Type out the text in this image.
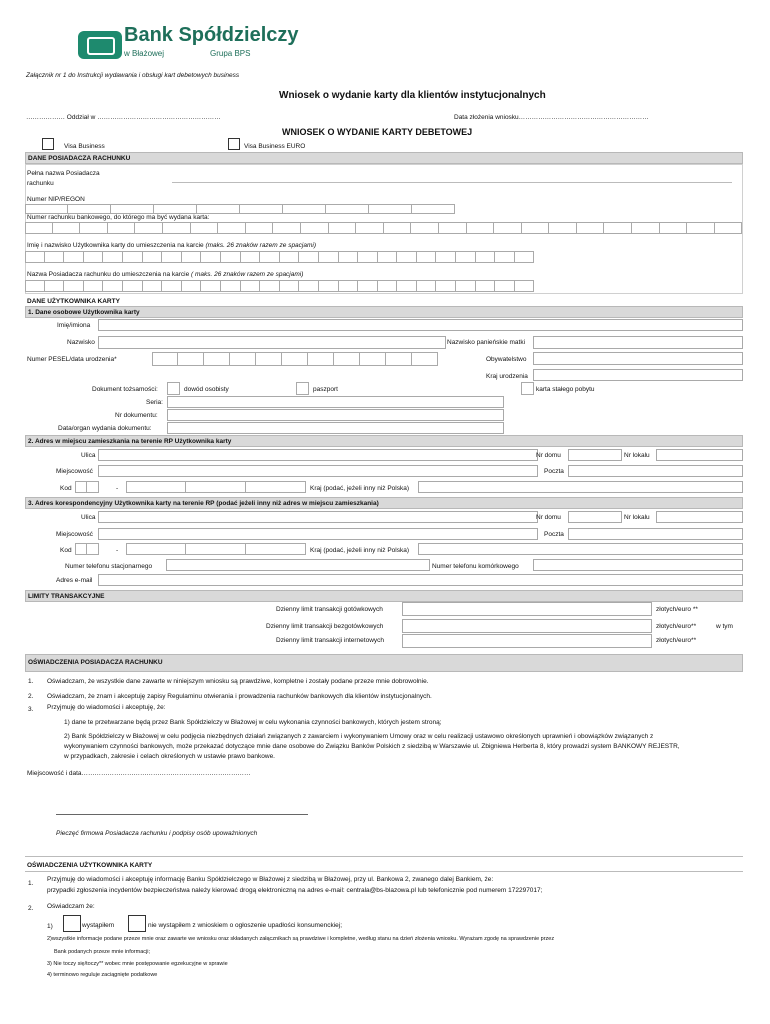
Bank Spółdzielczy
w Błażowej	Grupa BPS
Załącznik nr 1 do Instrukcji wydawania i obsługi kart debetowych business
Wniosek o wydanie karty dla klientów instytucjonalnych
……………… Oddział w …………………………………………………	Data złożenia wniosku……………………………………………………
WNIOSEK O WYDANIE KARTY DEBETOWEJ
Visa Business	Visa Business EURO
DANE POSIADACZA RACHUNKU
Pełna nazwa Posiadacza
rachunku
Numer NIP/REGON
Numer rachunku bankowego, do którego ma być wydana karta:
Imię i nazwisko Użytkownika karty do umieszczenia na karcie (maks. 26 znaków razem ze spacjami)
Nazwa Posiadacza rachunku do umieszczenia na karcie ( maks. 26 znaków razem ze spacjami)
DANE UŻYTKOWNIKA KARTY
1. Dane osobowe Użytkownika karty
Imię/imiona
Nazwisko	Nazwisko panieńskie matki
Numer PESEL/data urodzenia*	Obywatelstwo
Kraj urodzenia
Dokument tożsamości:	dowód osobisty	paszport	karta stałego pobytu
Seria:
Nr dokumentu:
Data/organ wydania dokumentu:
2. Adres w miejscu zamieszkania na terenie RP Użytkownika karty
Ulica	Nr domu	Nr lokalu
Miejscowość	Poczta
Kod	-	Kraj (podać, jeżeli inny niż Polska)
3. Adres korespondencyjny Użytkownika karty na terenie RP (podać jeżeli inny niż adres w miejscu zamieszkania)
Ulica	Nr domu	Nr lokalu
Miejscowość	Poczta
Kod	-	Kraj (podać, jeżeli inny niż Polska)
Numer telefonu stacjonarnego	Numer telefonu komórkowego
Adres e-mail
LIMITY TRANSAKCYJNE
Dzienny limit transakcji gotówkowych	złotych/euro **
Dzienny limit transakcji bezgotówkowych	złotych/euro**	w tym
Dzienny limit transakcji internetowych	złotych/euro**
OŚWIADCZENIA POSIADACZA RACHUNKU
1. Oświadczam, że wszystkie dane zawarte w niniejszym wniosku są prawdziwe, kompletne i zostały podane przeze mnie dobrowolnie.
2. Oświadczam, że znam i akceptuję zapisy Regulaminu otwierania i prowadzenia rachunków bankowych dla klientów instytucjonalnych.
3. Przyjmuję do wiadomości i akceptuję, że:
1) dane te przetwarzane będą przez Bank Spółdzielczy w Błażowej w celu wykonania czynności bankowych, których jestem stroną;
2) Bank Spółdzielczy w Błażowej w celu podjęcia niezbędnych działań związanych z zawarciem i wykonywaniem Umowy oraz w celu realizacji ustawowo określonych uprawnień i obowiązków związanych z
wykonywaniem czynności bankowych, może przekazać dotyczące mnie dane osobowe do Związku Banków Polskich z siedzibą w Warszawie ul. Zbigniewa Herberta 8, który prowadzi system BANKOWY REJESTR,
w przypadkach, zakresie i celach określonych w ustawie prawo bankowe.
Miejscowość i data……………………………………………………………………
Pieczęć firmowa Posiadacza rachunku i podpisy osób upoważnionych
OŚWIADCZENIA UŻYTKOWNIKA KARTY
1.
Przyjmuję do wiadomości i akceptuję informację Banku Spółdzielczego w Błażowej z siedzibą w Błażowej, przy ul. Bankowa 2, zwanego dalej Bankiem, że:
przypadki zgłoszenia incydentów bezpieczeństwa należy kierować drogą elektroniczną na adres e-mail: centrala@bs-blazowa.pl lub telefonicznie pod numerem 172297017;
2. Oświadczam że:
1)	wystąpiłem	nie wystąpiłem z wnioskiem o ogłoszenie upadłości konsumenckiej;
2)wszystkie informacje podane przeze mnie oraz zawarte we wniosku oraz składanych załącznikach są prawdziwe i kompletne, według stanu na dzień złożenia wniosku. Wyrażam zgodę na sprawdzenie przez
Bank podanych przeze mnie informacji;
3) Nie toczy się/toczy** wobec mnie postępowanie egzekucyjne w sprawie
4) terminowo reguluje zaciągnięte podatkowe
